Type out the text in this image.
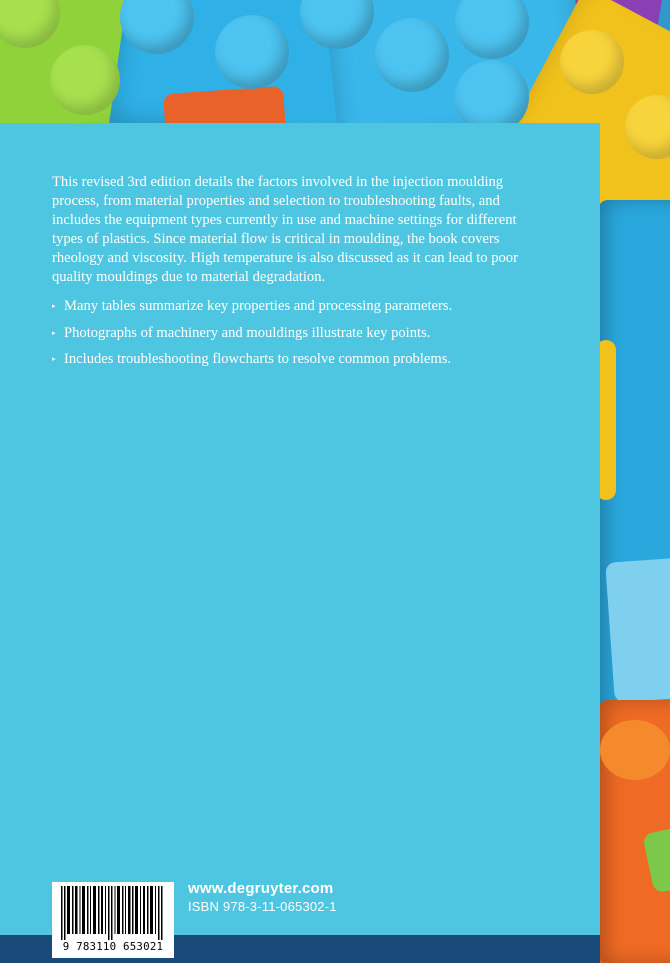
This revised 3rd edition details the factors involved in the injection moulding process, from material properties and selection to troubleshooting faults, and includes the equipment types currently in use and machine settings for different types of plastics. Since material flow is critical in moulding, the book covers rheology and viscosity. High temperature is also discussed as it can lead to poor quality mouldings due to material degradation.

▸ Many tables summarize key properties and processing parameters.
▸ Photographs of machinery and mouldings illustrate key points.
▸ Includes troubleshooting flowcharts to resolve common problems.
9 783110 653021
www.degruyter.com
ISBN 978-3-11-065302-1
